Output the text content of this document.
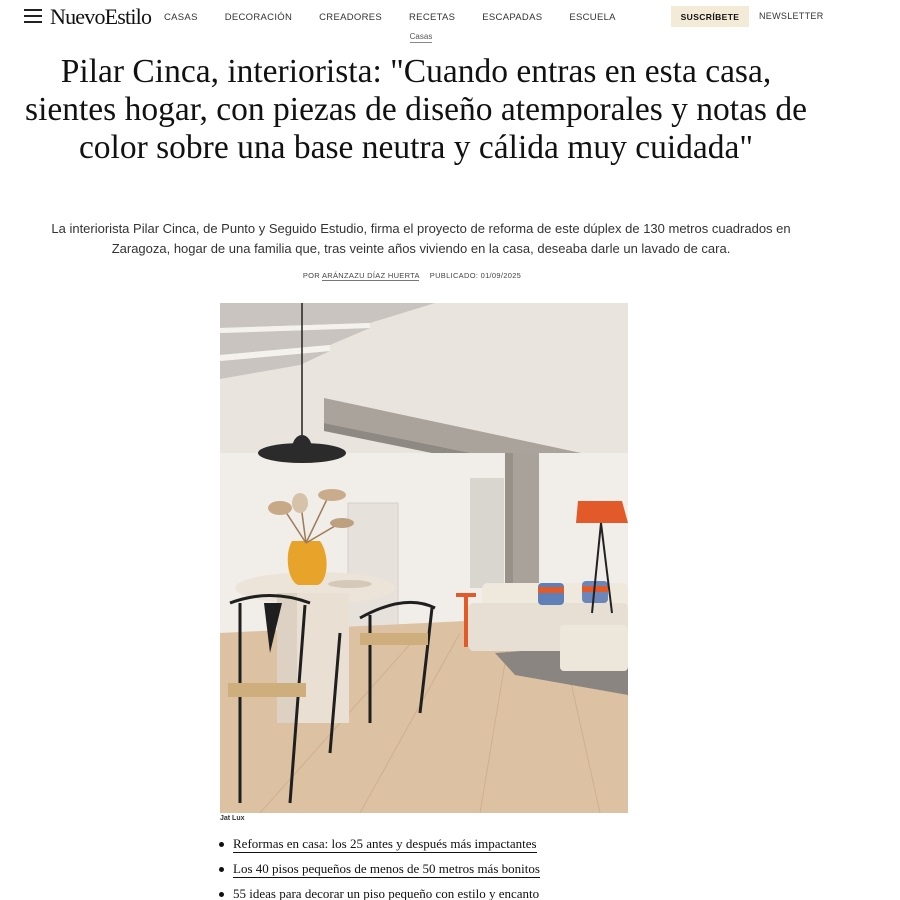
NuevoEstilo CASAS	DECORACIÓN	CREADORES	RECETAS	ESCAPADAS	ESCUELA	SUSCRÍBETE	NEWSLETTER
Casas
Pilar Cinca, interiorista: "Cuando entras en esta casa, sientes hogar, con piezas de diseño atemporales y notas de color sobre una base neutra y cálida muy cuidada"

La interiorista Pilar Cinca, de Punto y Seguido Estudio, firma el proyecto de reforma de este dúplex de 130 metros cuadrados en Zaragoza, hogar de una familia que, tras veinte años viviendo en la casa, deseaba darle un lavado de cara.

POR ARÁNZAZU DÍAZ HUERTA PUBLICADO: 01/09/2025
Jat Lux
Reformas en casa: los 25 antes y después más impactantes
Los 40 pisos pequeños de menos de 50 metros más bonitos
55 ideas para decorar un piso pequeño con estilo y encanto
